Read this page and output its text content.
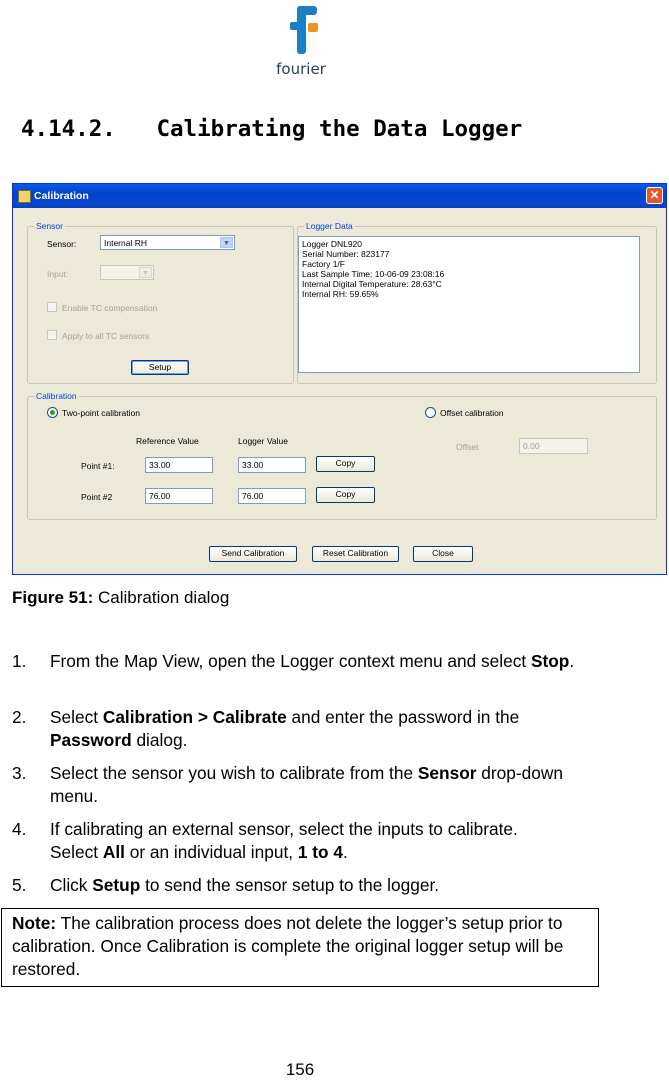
fourier
4.14.2. Calibrating the Data Logger
Calibration	✕
Sensor
Sensor:	Internal RH	▼
Input:	▼
Enable TC compensation
Apply to all TC sensors
Setup
Logger Data
Calibration
Two-point calibration	Offset calibration
Reference Value	Logger Value
Offset	0.00
Point #1:	33.00	33.00	Copy
Point #2	76.00	76.00	Copy
Send Calibration	Reset Calibration	Close
Logger DNL920
Serial Number: 823177
Factory 1/F
Last Sample Time: 10-06-09 23:08:16
Internal Digital Temperature: 28.63°C
Internal RH: 59.65%
Figure 51: Calibration dialog
1. From the Map View, open the Logger context menu and select Stop.
2. Select Calibration > Calibrate and enter the password in the Password dialog.
3. Select the sensor you wish to calibrate from the Sensor drop-down menu.
4. If calibrating an external sensor, select the inputs to calibrate. Select All or an individual input, 1 to 4.
5. Click Setup to send the sensor setup to the logger.
Note: The calibration process does not delete the logger’s setup prior to calibration. Once Calibration is complete the original logger setup will be restored.
156
